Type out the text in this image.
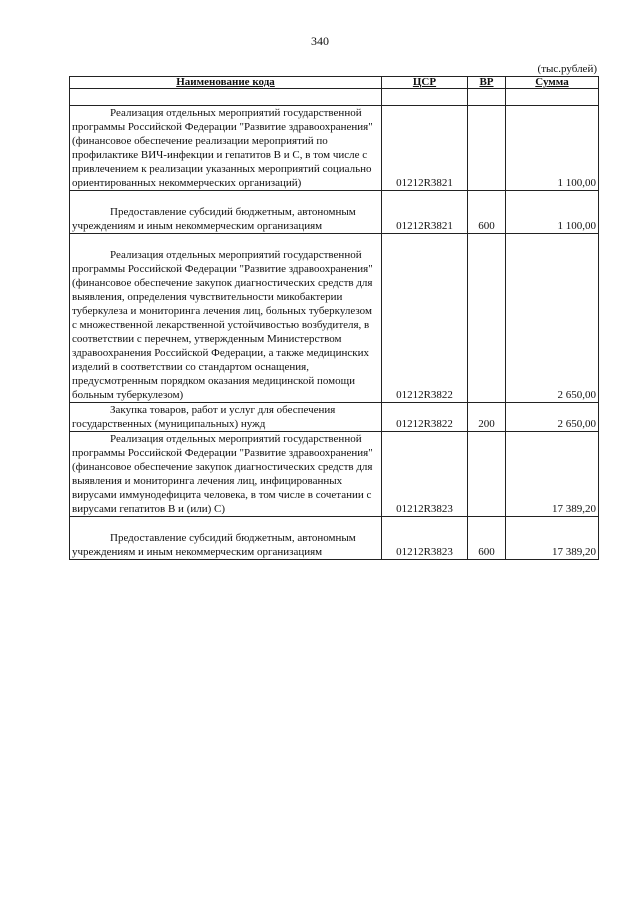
340
(тыс.рублей)
Наименование кода	ЦСР	ВР	Сумма

Реализация отдельных мероприятий государственной программы Российской Федерации "Развитие здравоохранения" (финансовое обеспечение реализации мероприятий по профилактике ВИЧ-инфекции и гепатитов В и С, в том числе с привлечением к реализации указанных мероприятий социально ориентированных некоммерческих организаций)	01212R3821		1 100,00
Предоставление субсидий бюджетным, автономным учреждениям и иным некоммерческим организациям	01212R3821	600	1 100,00
Реализация отдельных мероприятий государственной программы Российской Федерации "Развитие здравоохранения" (финансовое обеспечение закупок диагностических средств для выявления, определения чувствительности микобактерии туберкулеза и мониторинга лечения лиц, больных туберкулезом с множественной лекарственной устойчивостью возбудителя, в соответствии с перечнем, утвержденным Министерством здравоохранения Российской Федерации, а также медицинских изделий в соответствии со стандартом оснащения, предусмотренным порядком оказания медицинской помощи больным туберкулезом)	01212R3822		2 650,00
Закупка товаров, работ и услуг для обеспечения государственных (муниципальных) нужд	01212R3822	200	2 650,00
Реализация отдельных мероприятий государственной программы Российской Федерации "Развитие здравоохранения" (финансовое обеспечение закупок диагностических средств для выявления и мониторинга лечения лиц, инфицированных вирусами иммунодефицита человека, в том числе в сочетании с вирусами гепатитов В и (или) С)	01212R3823		17 389,20
Предоставление субсидий бюджетным, автономным учреждениям и иным некоммерческим организациям	01212R3823	600	17 389,20
